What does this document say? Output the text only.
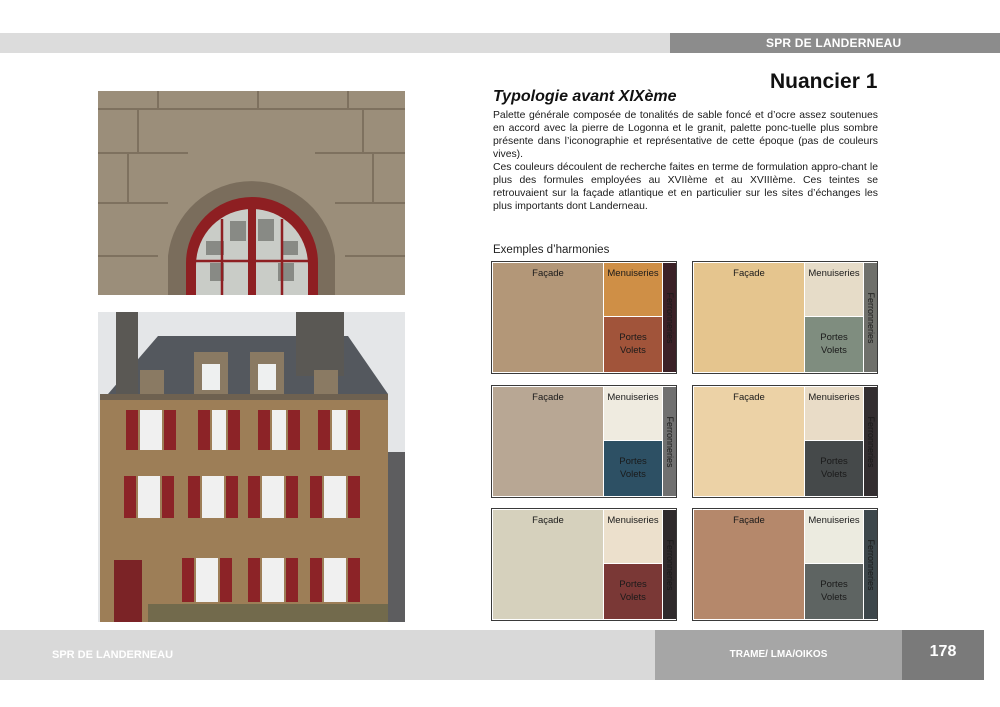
SPR DE LANDERNEAU
Nuancier 1
Typologie avant XIXème

Palette générale composée de tonalités de sable foncé et d’ocre assez soutenues en accord avec la pierre de Logonna et le granit, palette ponc-tuelle plus sombre présente dans l’iconographie et représentative de cette époque (pas de couleurs vives).

Ces couleurs découlent de recherche faites en terme de formulation appro-chant le plus des formules employées au XVIIème et au XVIIIème. Ces teintes se retrouvaient sur la façade atlantique et en particulier sur les sites d’échanges les plus importants dont Landerneau.

Exemples d’harmonies
Façade	Menuiseries
Portes
Volets
Ferronneries
Façade	Menuiseries
Portes
Volets
Ferronneries
Façade	Menuiseries
Portes
Volets
Ferronneries
Façade	Menuiseries
Portes
Volets
Ferronneries
Façade	Menuiseries
Portes
Volets
Ferronneries
Façade	Menuiseries
Portes
Volets
Ferronneries
SPR DE LANDERNEAU	TRAME/ LMA/OIKOS	178
